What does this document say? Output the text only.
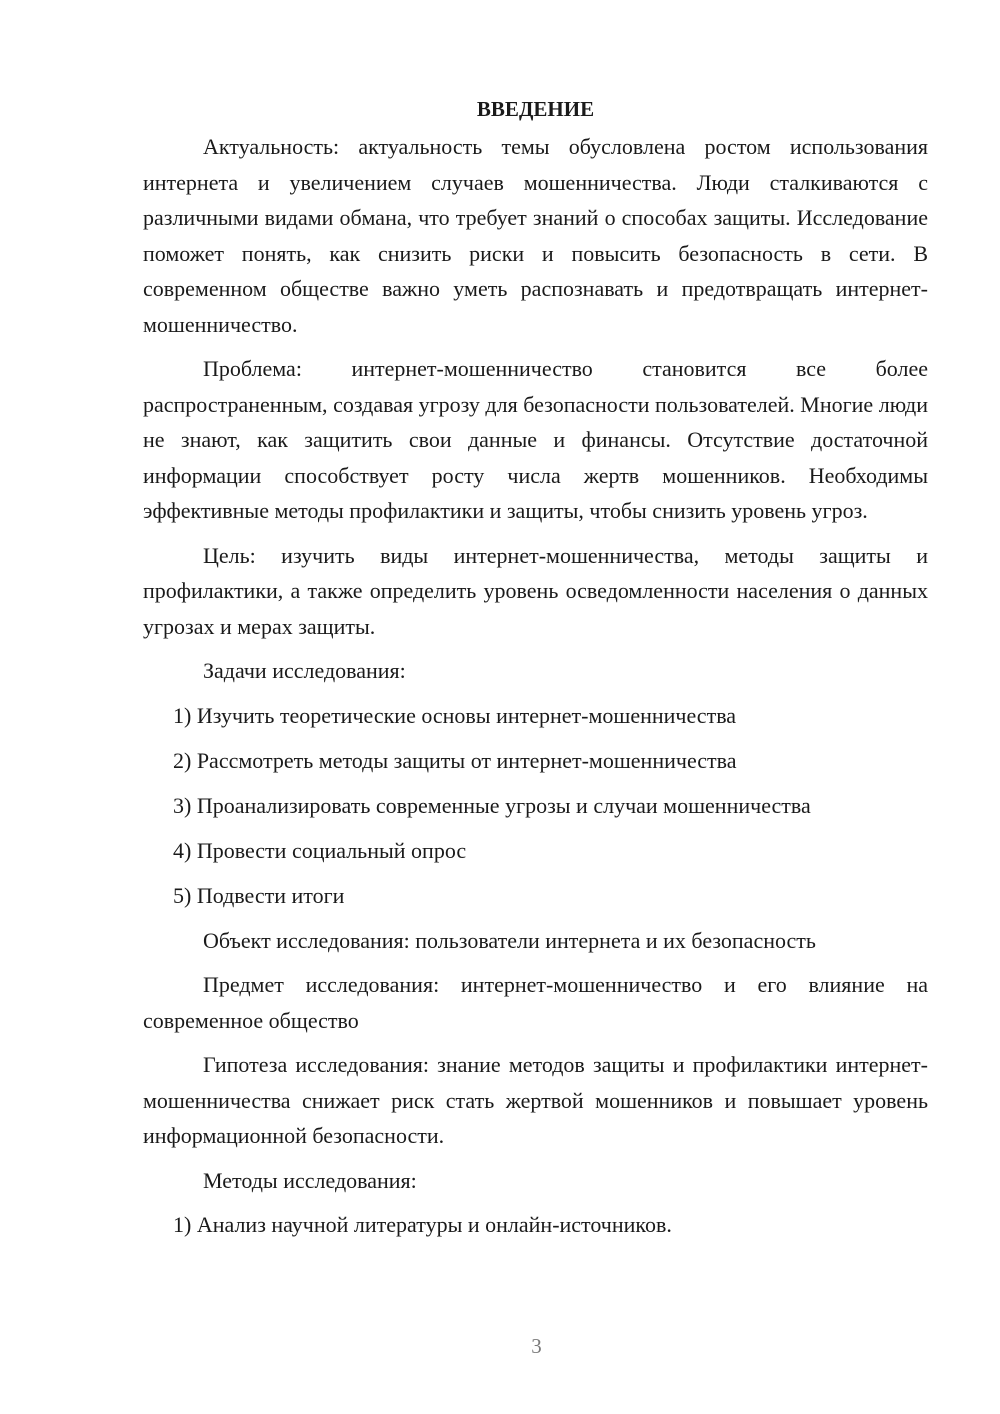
ВВЕДЕНИЕ

Актуальность: актуальность темы обусловлена ростом использования интернета и увеличением случаев мошенничества. Люди сталкиваются с различными видами обмана, что требует знаний о способах защиты. Исследование поможет понять, как снизить риски и повысить безопасность в сети. В современном обществе важно уметь распознавать и предотвращать интернет-мошенничество.

Проблема: интернет-мошенничество становится все более распространенным, создавая угрозу для безопасности пользователей. Многие люди не знают, как защитить свои данные и финансы. Отсутствие достаточной информации способствует росту числа жертв мошенников. Необходимы эффективные методы профилактики и защиты, чтобы снизить уровень угроз.

Цель: изучить виды интернет-мошенничества, методы защиты и профилактики, а также определить уровень осведомленности населения о данных угрозах и мерах защиты.

Задачи исследования:

1) Изучить теоретические основы интернет-мошенничества

2) Рассмотреть методы защиты от интернет-мошенничества

3) Проанализировать современные угрозы и случаи мошенничества

4) Провести социальный опрос

5) Подвести итоги

Объект исследования: пользователи интернета и их безопасность

Предмет исследования: интернет-мошенничество и его влияние на современное общество

Гипотеза исследования: знание методов защиты и профилактики интернет-мошенничества снижает риск стать жертвой мошенников и повышает уровень информационной безопасности.

Методы исследования:

1) Анализ научной литературы и онлайн-источников.

3
